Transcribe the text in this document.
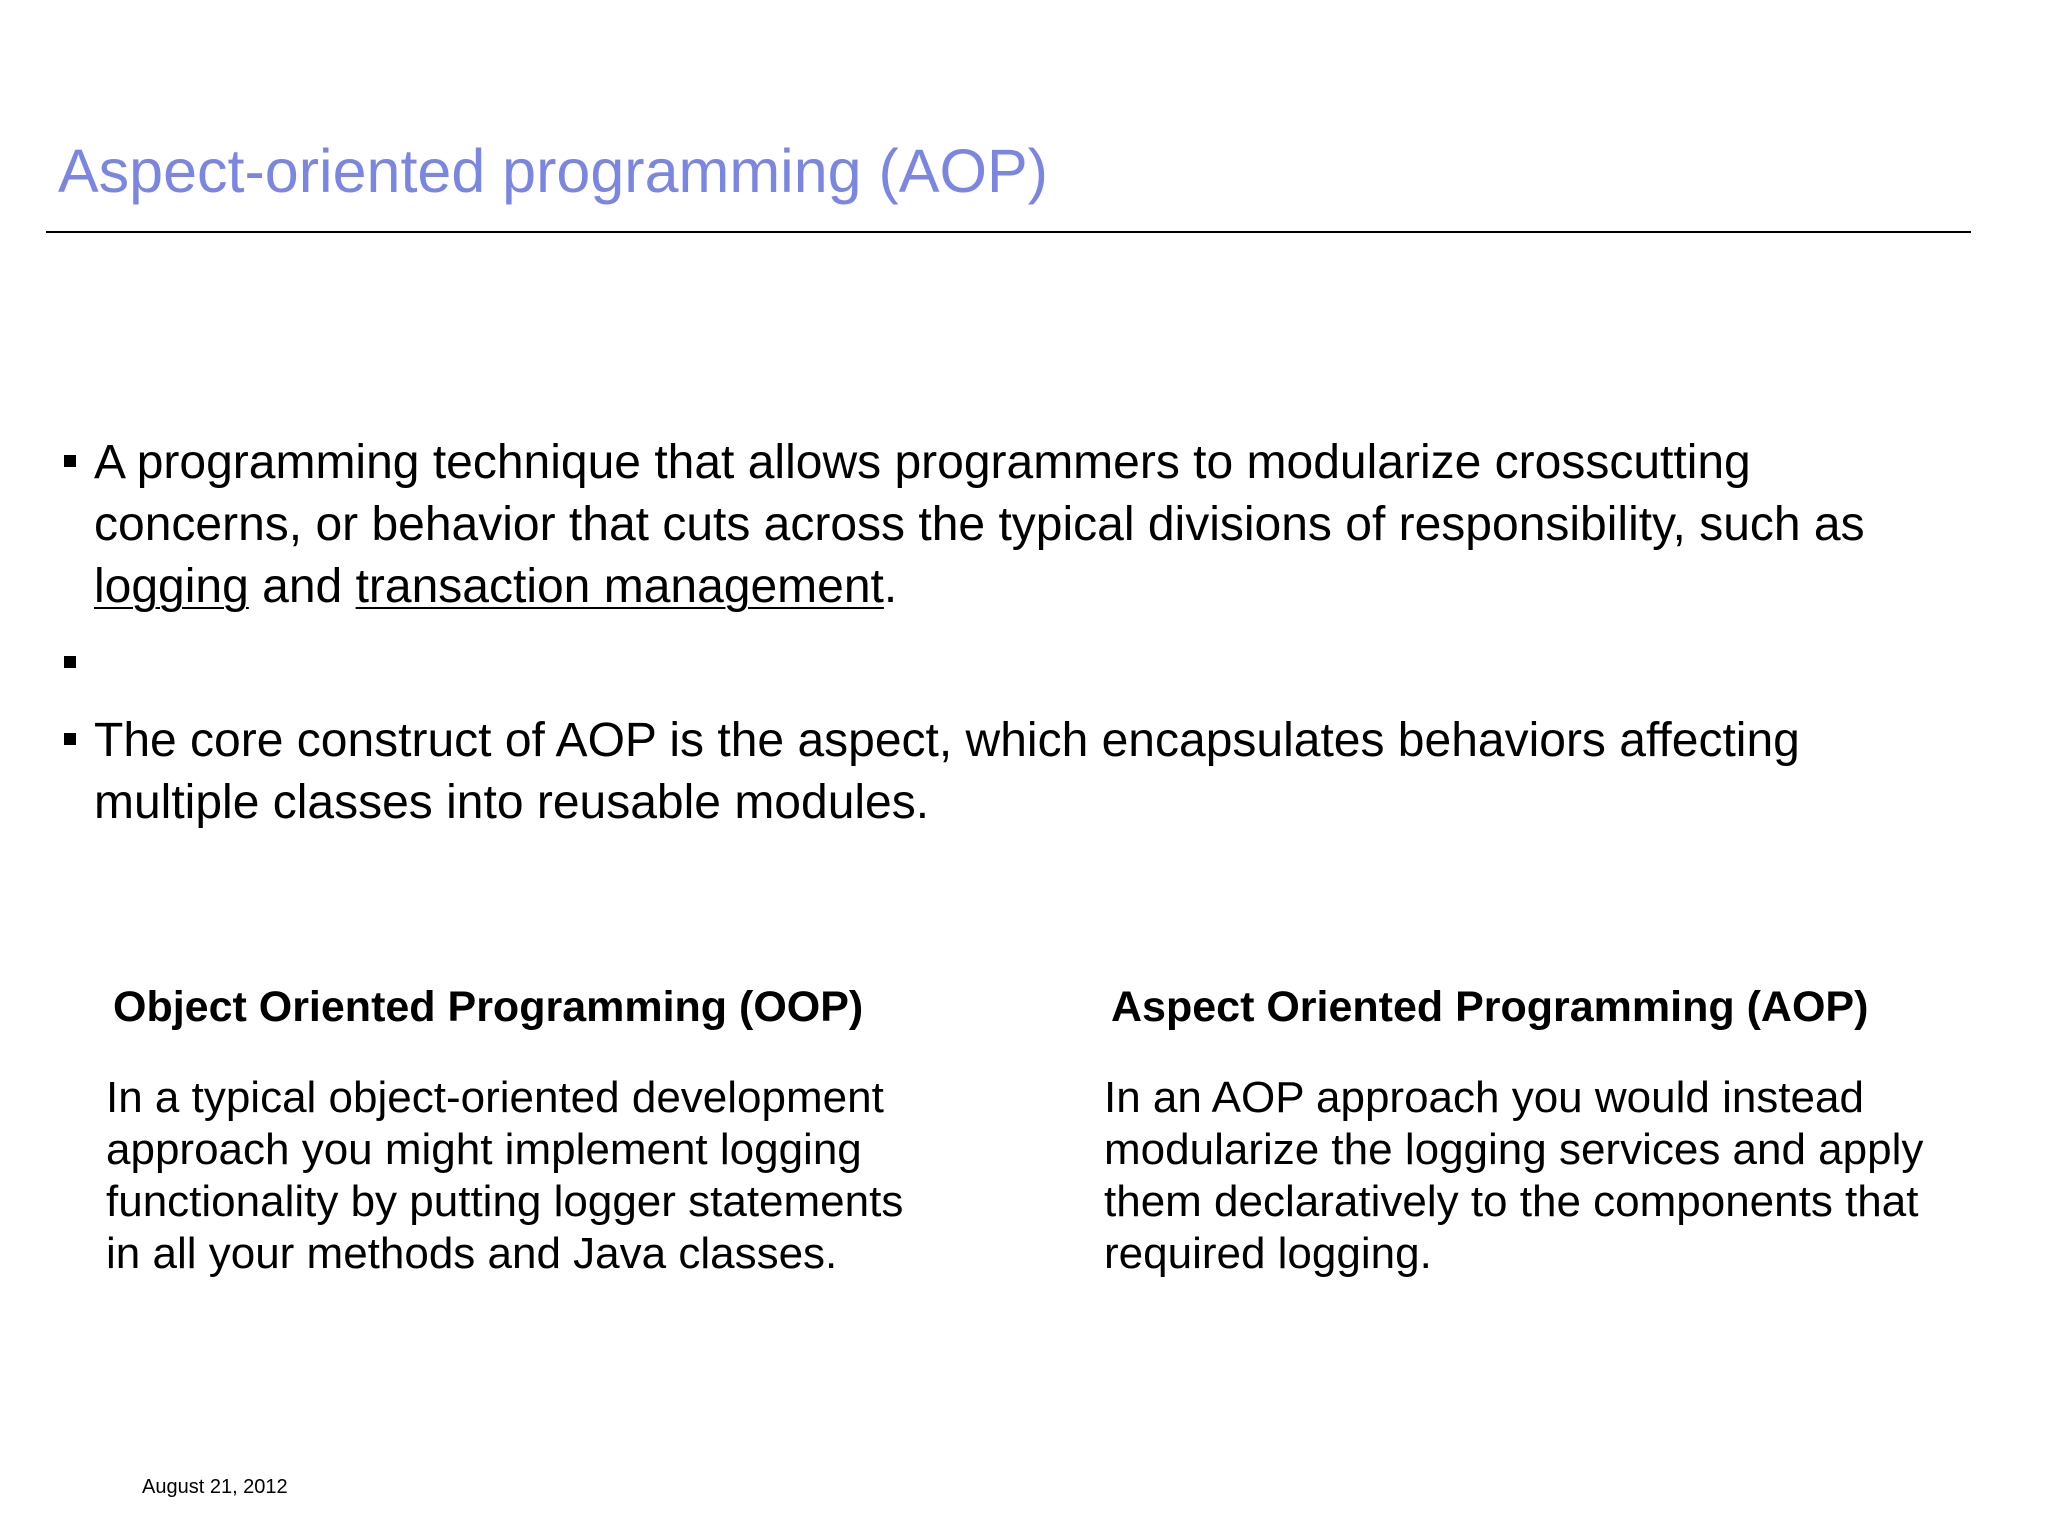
Aspect-oriented programming (AOP)
A programming technique that allows programmers to modularize crosscutting concerns, or behavior that cuts across the typical divisions of responsibility, such as logging and transaction management.
The core construct of AOP is the aspect, which encapsulates behaviors affecting multiple classes into reusable modules.
Object Oriented Programming (OOP)

In a typical object-oriented development
approach you might implement logging
functionality by putting logger statements
in all your methods and Java classes.

Aspect Oriented Programming (AOP)

In an AOP approach you would instead
modularize the logging services and apply
them declaratively to the components that
required logging.

August 21, 2012
